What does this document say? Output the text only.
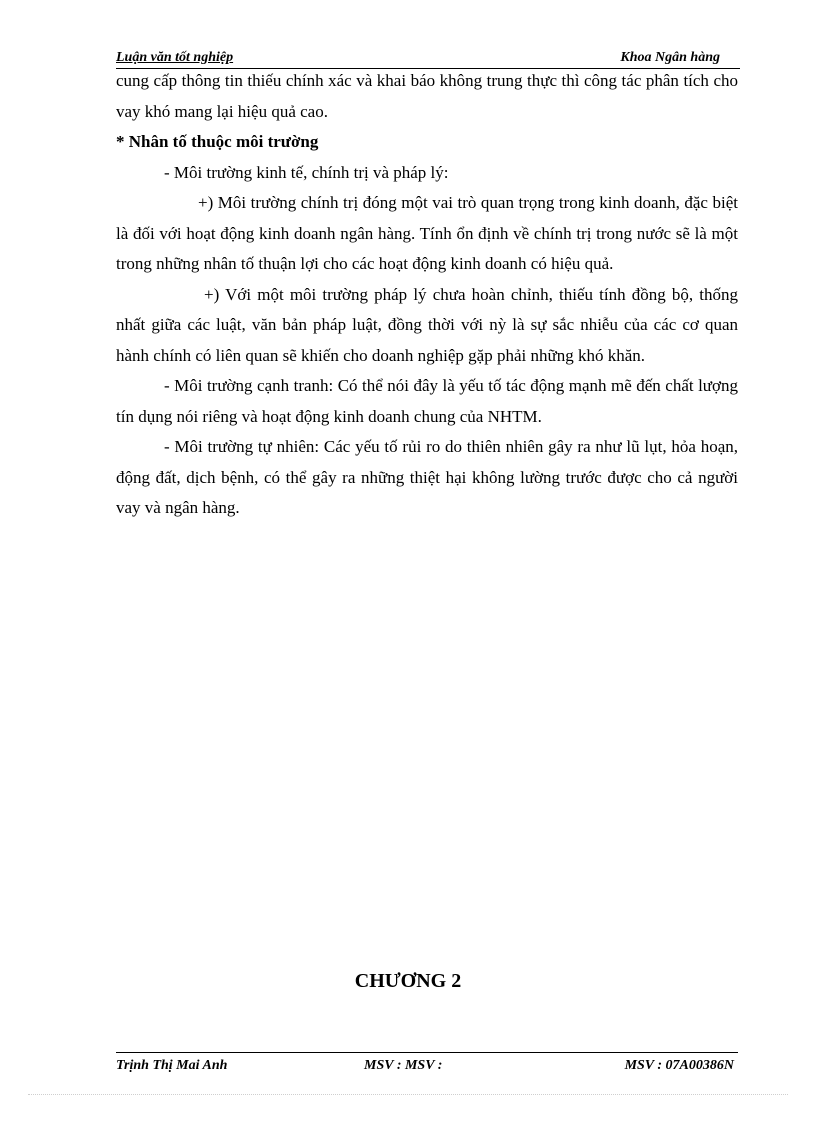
Luận văn tốt nghiệp	Khoa Ngân hàng

cung cấp thông tin thiếu chính xác và khai báo không trung thực thì công tác phân tích cho vay khó mang lại hiệu quả cao.

* Nhân tố thuộc môi trường

- Môi trường kinh tế, chính trị và pháp lý:

+) Môi trường chính trị đóng một vai trò quan trọng trong kinh doanh, đặc biệt là đối với hoạt động kinh doanh ngân hàng. Tính ổn định về chính trị trong nước sẽ là một trong những nhân tố thuận lợi cho các hoạt động kinh doanh có hiệu quả.

+) Với một môi trường pháp lý chưa hoàn chỉnh, thiếu tính đồng bộ, thống nhất giữa các luật, văn bản pháp luật, đồng thời với nỳ là sự sắc nhiễu của các cơ quan hành chính có liên quan sẽ khiến cho doanh nghiệp gặp phải những khó khăn.

- Môi trường cạnh tranh: Có thể nói đây là yếu tố tác động mạnh mẽ đến chất lượng tín dụng nói riêng và hoạt động kinh doanh chung của NHTM.

- Môi trường tự nhiên: Các yếu tố rủi ro do thiên nhiên gây ra như lũ lụt, hỏa hoạn, động đất, dịch bệnh, có thể gây ra những thiệt hại không lường trước được cho cả người vay và ngân hàng.

CHƯƠNG 2
Trịnh Thị Mai Anh	MSV : MSV :	MSV : 07A00386N
